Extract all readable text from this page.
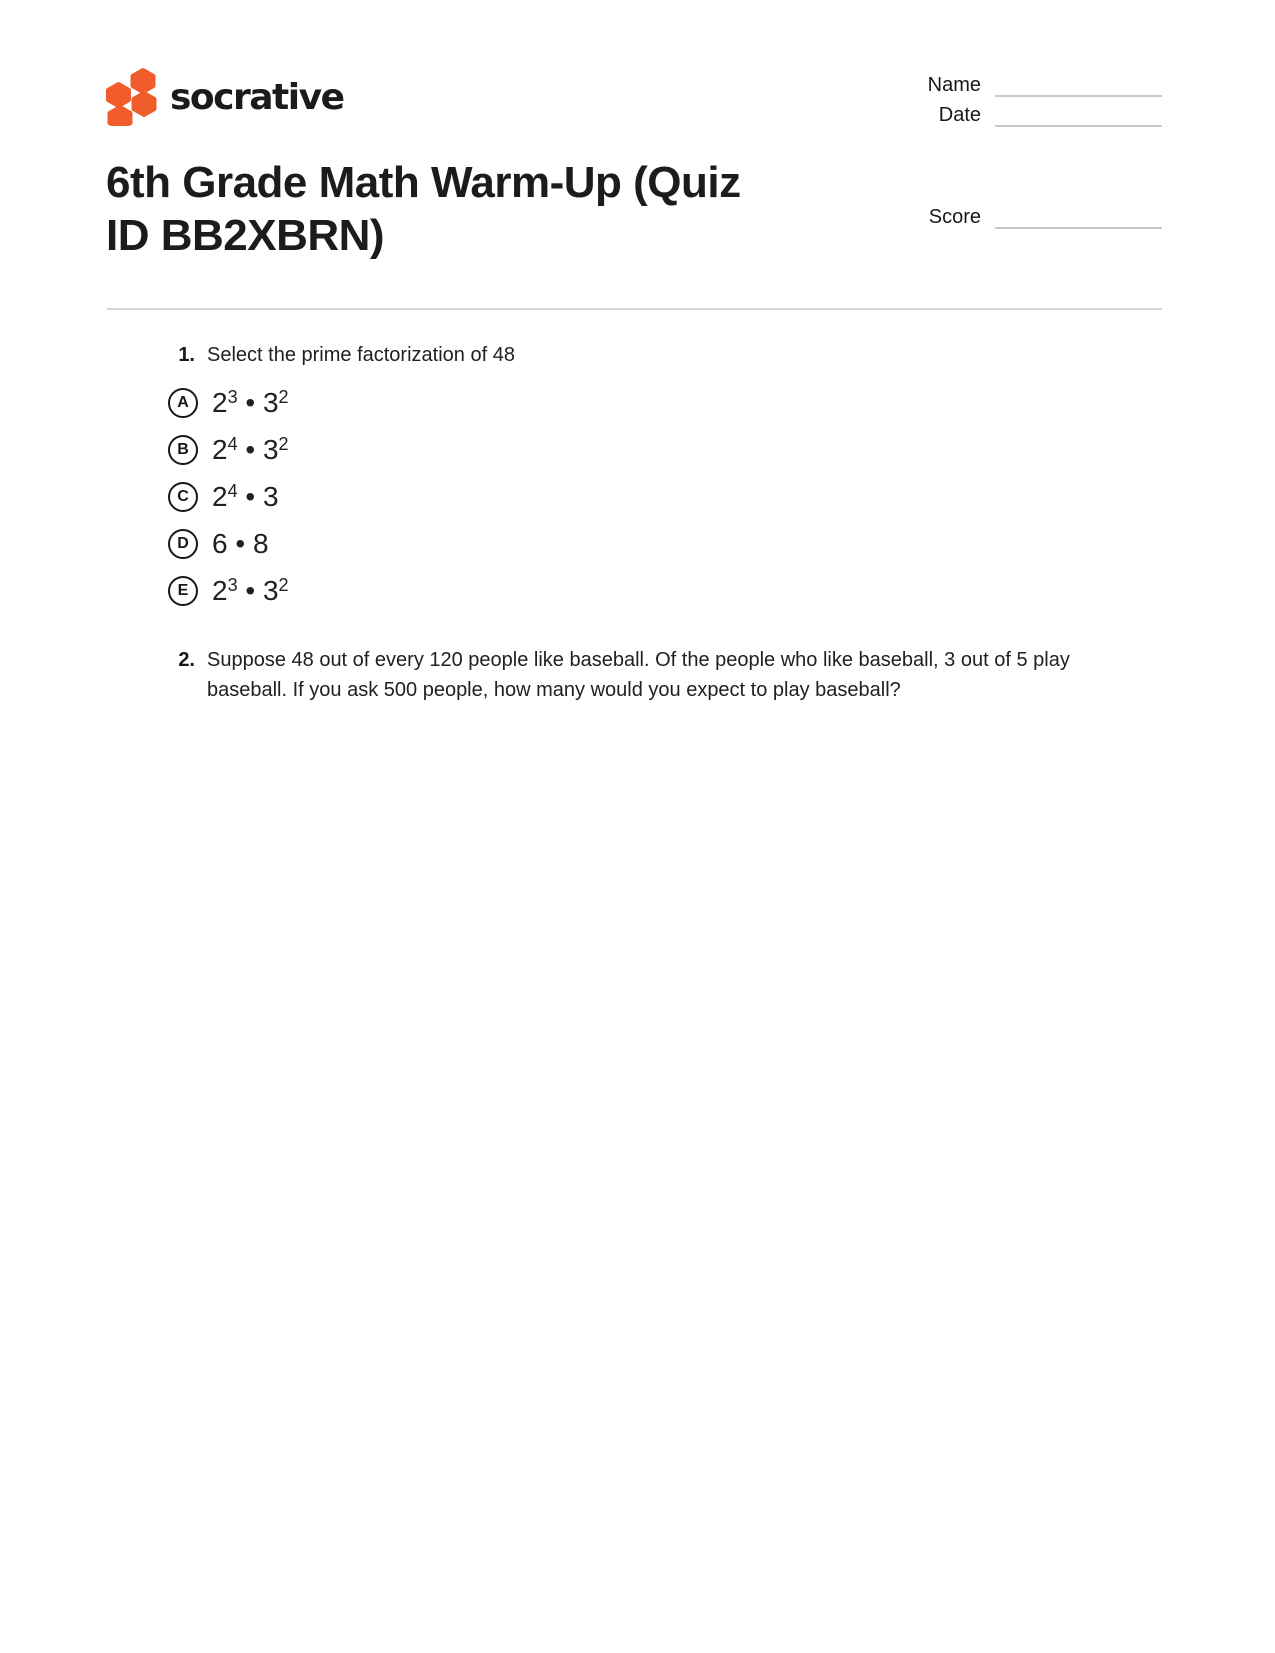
socrative	Name
Date
6th Grade Math Warm-Up (Quiz
ID BB2XBRN)	Score
1. Select the prime factorization of 48

A $2^3$ • $3^2$
B $2^4$ • $3^2$
C $2^4$ • 3
D 6 • 8
E $2^3$ • $3^2$
2. Suppose 48 out of every 120 people like baseball. Of the people who like baseball, 3 out of 5 play baseball. If you ask 500 people, how many would you expect to play baseball?
